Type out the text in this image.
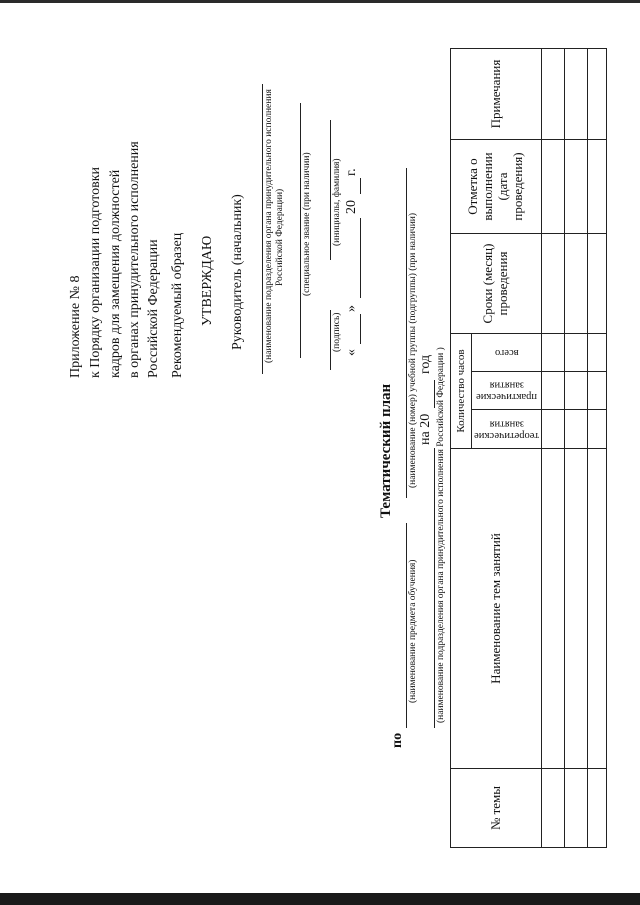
Приложение № 8 к Порядку организации подготовки кадров для замещения должностей в органах принудительного исполнения Российской Федерации Рекомендуемый образец УТВЕРЖДАЮ Руководитель (начальник) (наименование подразделения органа принудительного исполнения Российской Федерации) (специальное звание (при наличии)
(подпись)
(инициалы, фамилия)
«
»
20
г.
Тематический план
по
(наименование предмета обучения)
(наименование (номер) учебной группы (подгруппы) (при наличии) на 20
год (наименование подразделения органа принудительного исполнения Российской Федерации )
№ темы
Наименование тем занятий
Количество часов
теоретические занятия
практические занятия
всего
Сроки (месяц) проведения
Отметка о выполнении (дата проведения)
Примечания
